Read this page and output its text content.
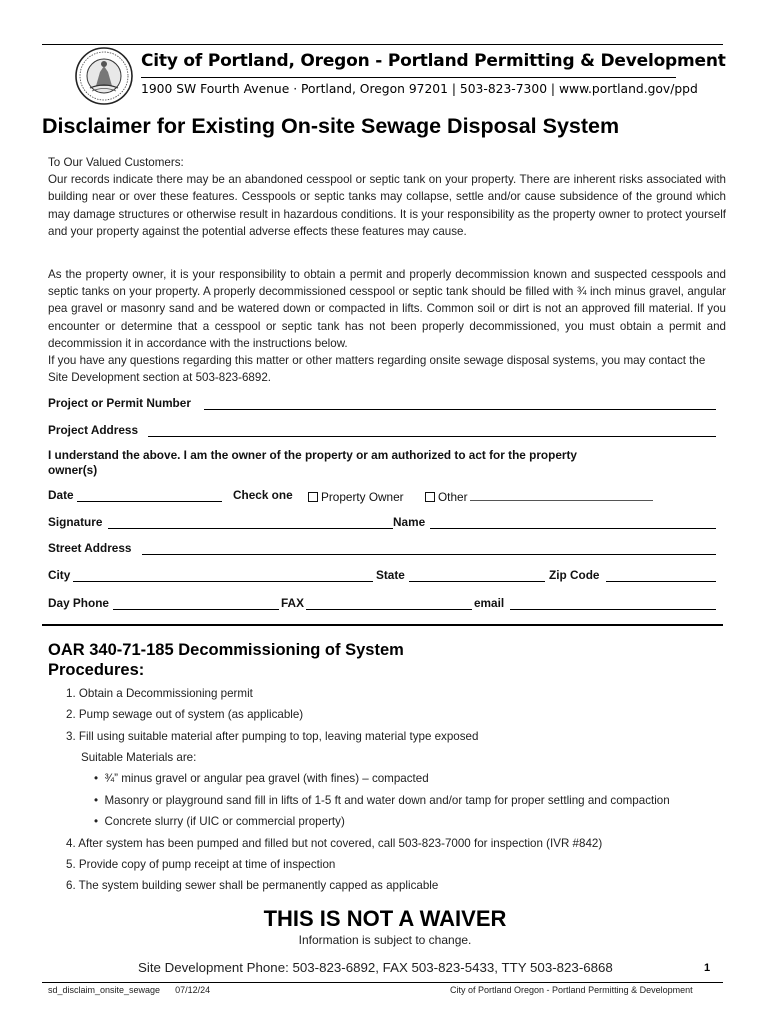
City of Portland, Oregon - Portland Permitting & Development
1900 SW Fourth Avenue · Portland, Oregon 97201 | 503-823-7300 | www.portland.gov/ppd
Disclaimer for Existing On-site Sewage Disposal System

To Our Valued Customers:

Our records indicate there may be an abandoned cesspool or septic tank on your property. There are inherent risks associated with building near or over these features. Cesspools or septic tanks may collapse, settle and/or cause subsidence of the ground which may damage structures or otherwise result in hazardous conditions. It is your responsibility as the property owner to protect yourself and your property against the potential adverse effects these features may cause.

As the property owner, it is your responsibility to obtain a permit and properly decommission known and suspected cesspools and septic tanks on your property. A properly decommissioned cesspool or septic tank should be filled with ¾ inch minus gravel, angular pea gravel or masonry sand and be watered down or compacted in lifts. Common soil or dirt is not an approved fill material. If you encounter or determine that a cesspool or septic tank has not been properly decommissioned, you must obtain a permit and decommission it in accordance with the instructions below.
If you have any questions regarding this matter or other matters regarding onsite sewage disposal systems, you may contact the Site Development section at 503-823-6892.
Project or Permit Number
Project Address
I understand the above. I am the owner of the property or am authorized to act for the property owner(s)
Date	Check one	Property Owner	Other
Signature	Name
Street Address
City	State	Zip Code
Day Phone	FAX	email
OAR 340-71-185 Decommissioning of System Procedures:
1. Obtain a Decommissioning permit
2. Pump sewage out of system (as applicable)
3. Fill using suitable material after pumping to top, leaving material type exposed
Suitable Materials are:
•  ¾” minus gravel or angular pea gravel (with fines) – compacted
•  Masonry or playground sand fill in lifts of 1-5 ft and water down and/or tamp for proper settling and compaction
•  Concrete slurry (if UIC or commercial property)
4. After system has been pumped and filled but not covered, call 503-823-7000 for inspection (IVR #842)
5. Provide copy of pump receipt at time of inspection
6. The system building sewer shall be permanently capped as applicable
THIS IS NOT A WAIVER
Information is subject to change.
Site Development Phone: 503-823-6892, FAX 503-823-5433, TTY 503-823-6868	1
sd_disclaim_onsite_sewage      07/12/24	City of Portland Oregon - Portland Permitting & Development
